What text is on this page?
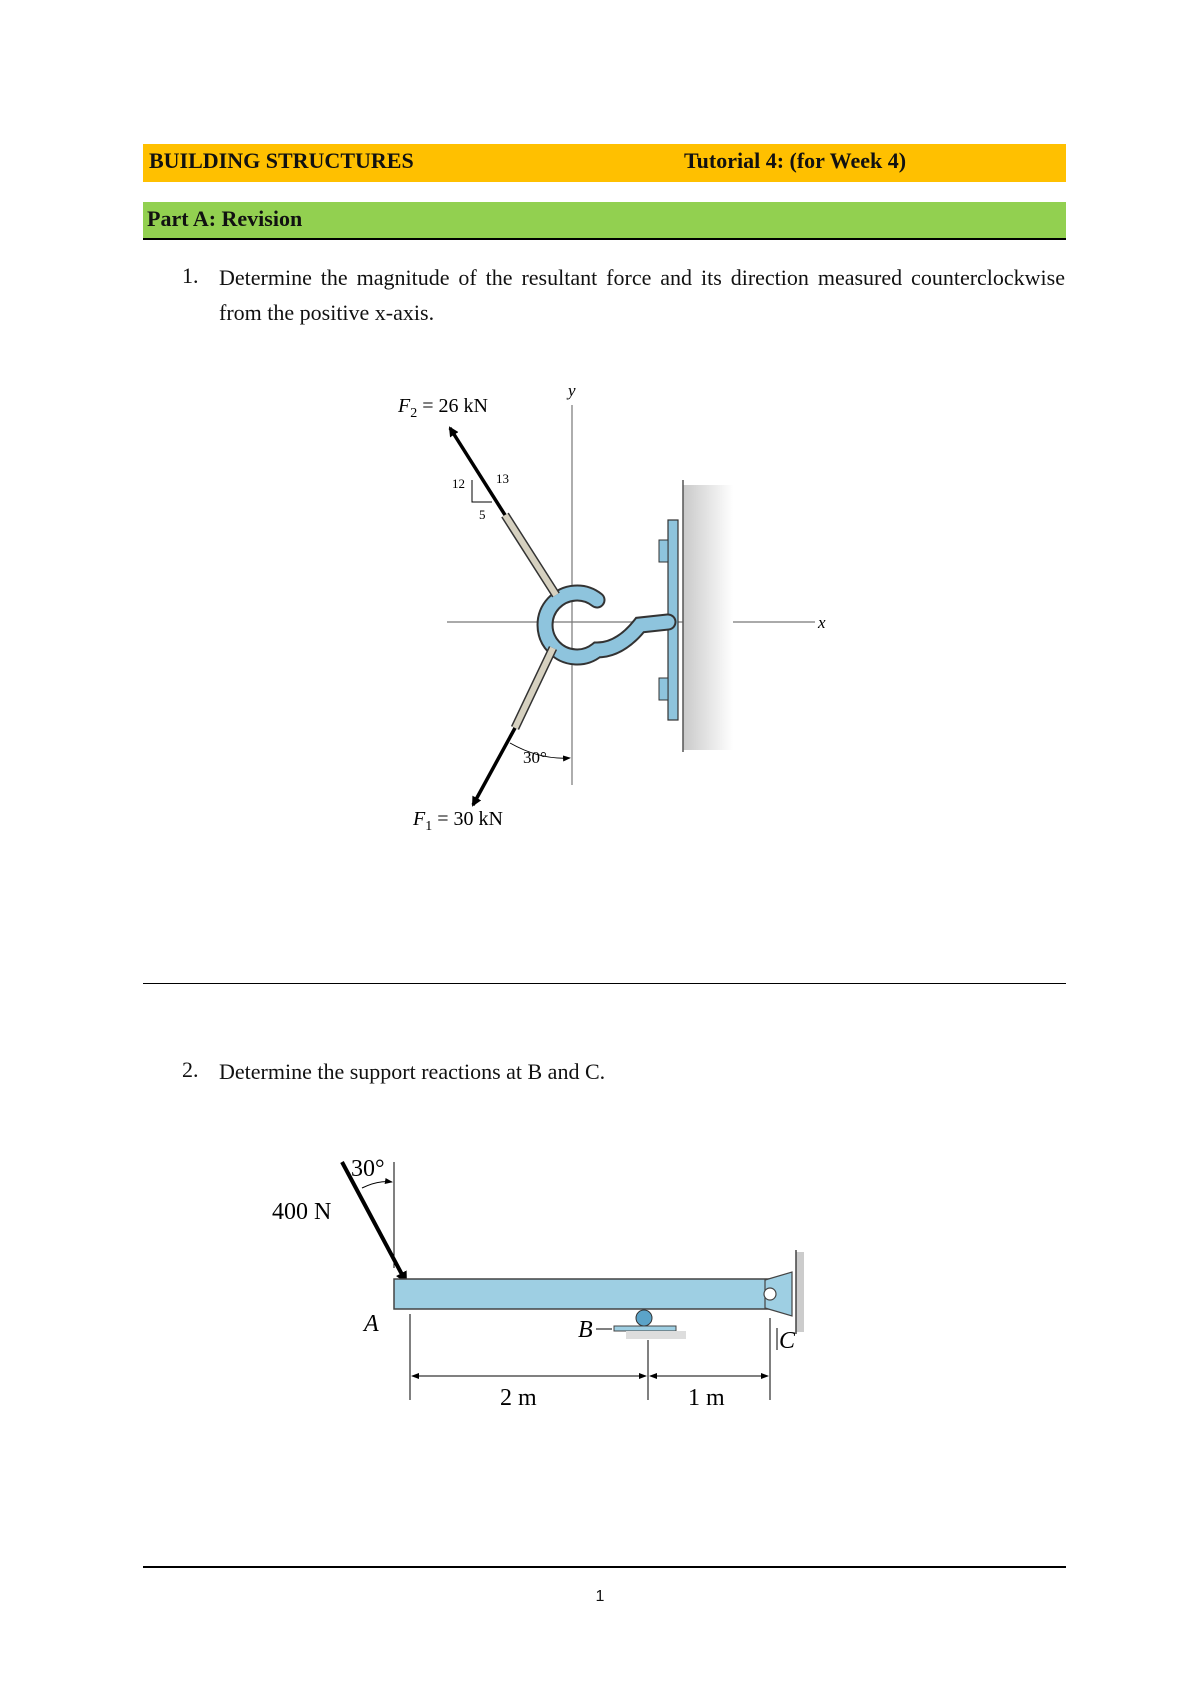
BUILDING STRUCTURES	Tutorial 4: (for Week 4)
Part A: Revision
1. Determine the magnitude of the resultant force and its direction measured counterclockwise from the positive x-axis.
y
x
12 13
5
30°
$F_2 = 26$ kN
$F_1 = 30$ kN
2. Determine the support reactions at B and C.
30°
400 N
A	B	C
2 m	1 m
1
